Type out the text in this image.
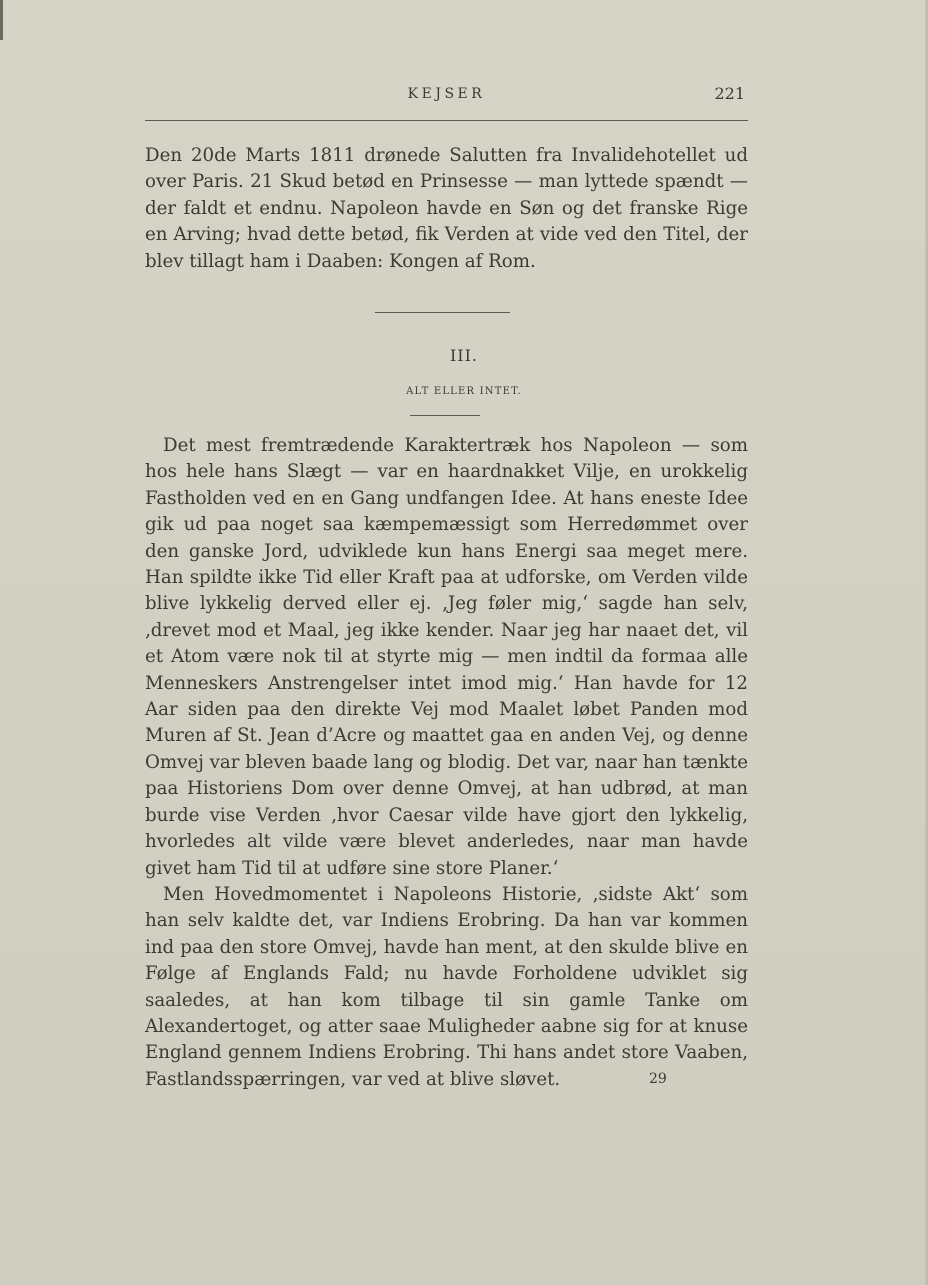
KEJSER	221

Den 20de Marts 1811 drønede Salutten fra Invalidehotellet ud over Paris. 21 Skud betød en Prinsesse — man lyttede spændt — der faldt et endnu. Napoleon havde en Søn og det franske Rige en Arving; hvad dette betød, fik Verden at vide ved den Titel, der blev tillagt ham i Daaben: Kongen af Rom.

III.
ALT ELLER INTET.

Det mest fremtrædende Karaktertræk hos Napoleon — som hos hele hans Slægt — var en haardnakket Vilje, en urokkelig Fastholden ved en en Gang undfangen Idee. At hans eneste Idee gik ud paa noget saa kæmpemæssigt som Herredømmet over den ganske Jord, udviklede kun hans Energi saa meget mere. Han spildte ikke Tid eller Kraft paa at udforske, om Verden vilde blive lykkelig derved eller ej. ‚Jeg føler mig,‘ sagde han selv, ‚drevet mod et Maal, jeg ikke kender. Naar jeg har naaet det, vil et Atom være nok til at styrte mig — men indtil da formaa alle Menneskers Anstrengelser intet imod mig.‘ Han havde for 12 Aar siden paa den direkte Vej mod Maalet løbet Panden mod Muren af St. Jean d’Acre og maattet gaa en anden Vej, og denne Omvej var bleven baade lang og blodig. Det var, naar han tænkte paa Historiens Dom over denne Omvej, at han udbrød, at man burde vise Verden ‚hvor Caesar vilde have gjort den lykkelig, hvorledes alt vilde være blevet anderledes, naar man havde givet ham Tid til at udføre sine store Planer.‘

Men Hovedmomentet i Napoleons Historie, ‚sidste Akt‘ som han selv kaldte det, var Indiens Erobring. Da han var kommen ind paa den store Omvej, havde han ment, at den skulde blive en Følge af Englands Fald; nu havde Forholdene udviklet sig saaledes, at han kom tilbage til sin gamle Tanke om Alexandertoget, og atter saae Muligheder aabne sig for at knuse England gennem Indiens Erobring. Thi hans andet store Vaaben, Fastlandsspærringen, var ved at blive sløvet.	29
